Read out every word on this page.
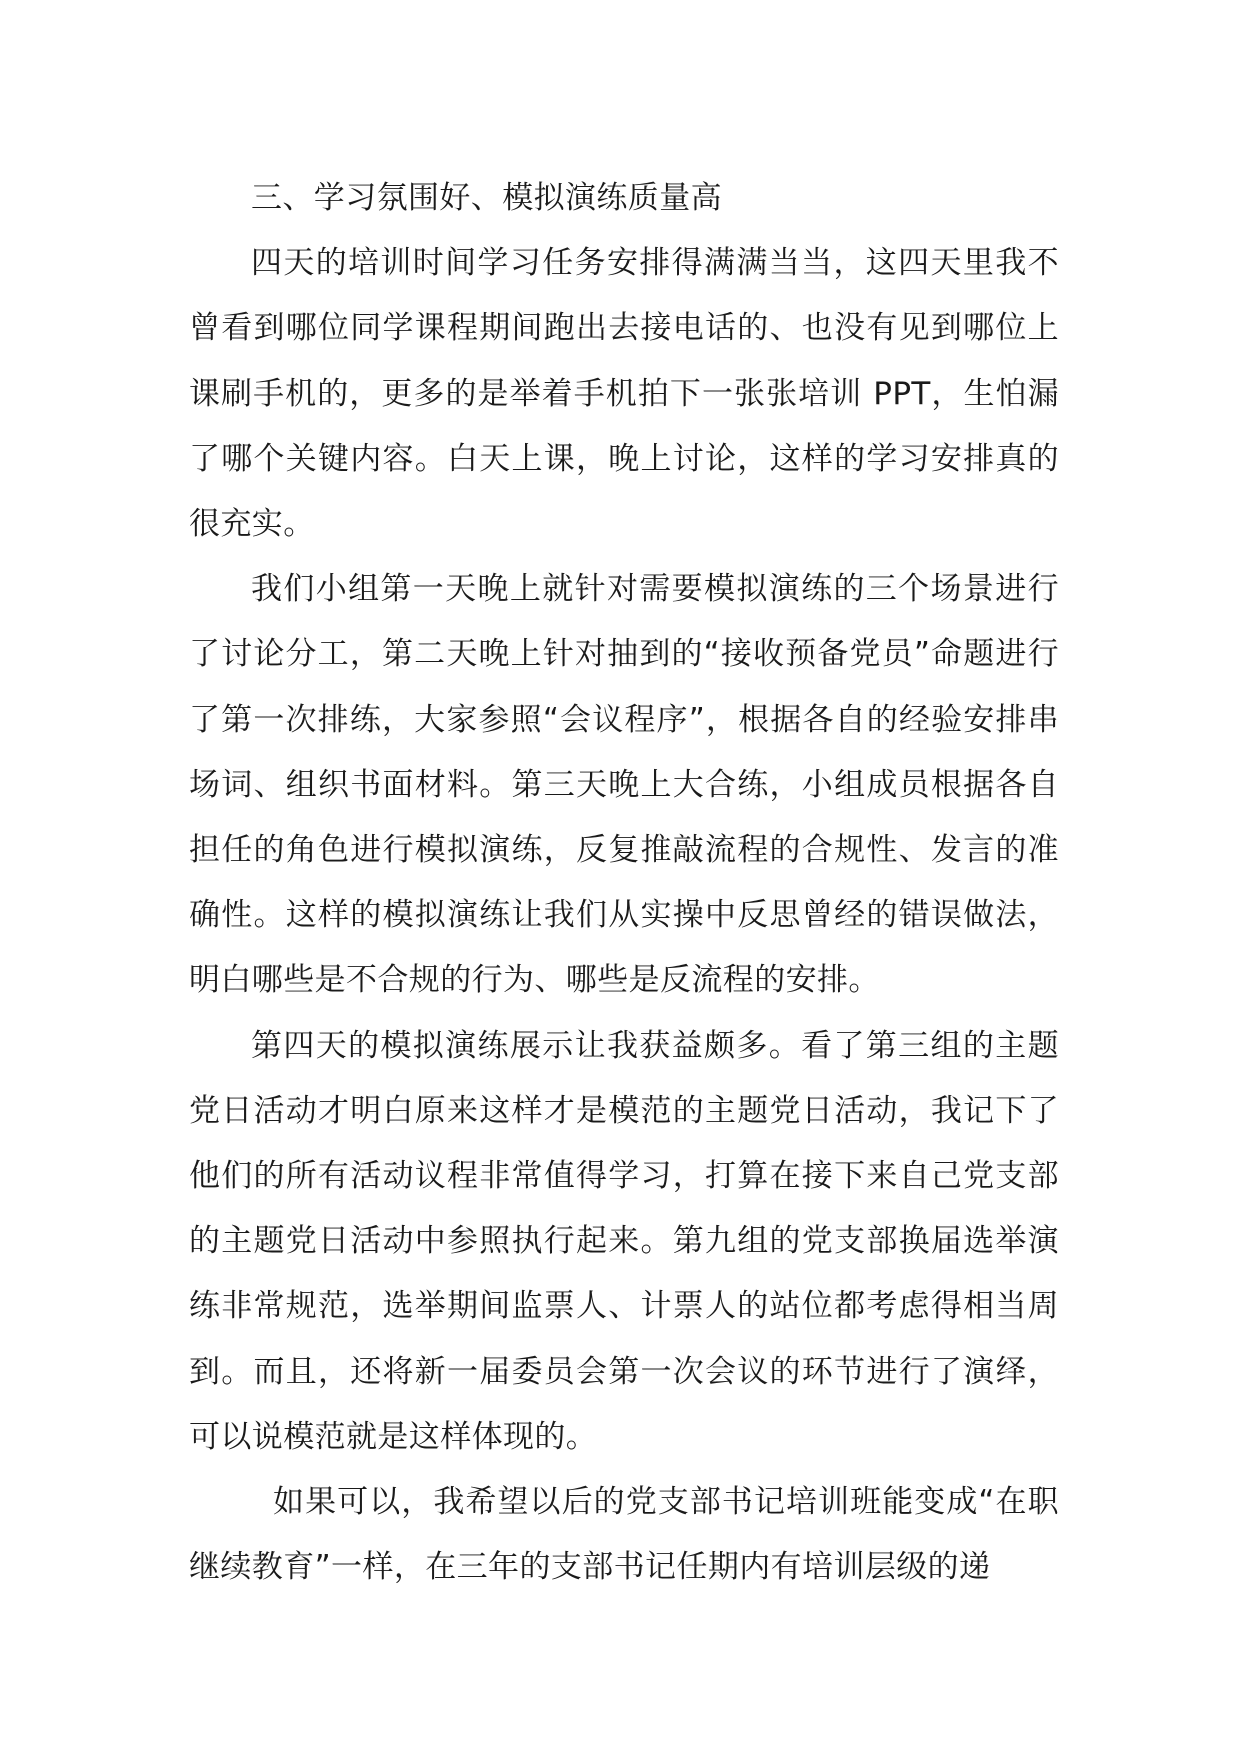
三、学习氛围好、模拟演练质量高

四天的培训时间学习任务安排得满满当当，这四天里我不曾看到哪位同学课程期间跑出去接电话的、也没有见到哪位上课刷手机的，更多的是举着手机拍下一张张培训 PPT，生怕漏了哪个关键内容。白天上课，晚上讨论，这样的学习安排真的很充实。

我们小组第一天晚上就针对需要模拟演练的三个场景进行了讨论分工，第二天晚上针对抽到的“接收预备党员”命题进行了第一次排练，大家参照“会议程序”，根据各自的经验安排串场词、组织书面材料。第三天晚上大合练，小组成员根据各自担任的角色进行模拟演练，反复推敲流程的合规性、发言的准确性。这样的模拟演练让我们从实操中反思曾经的错误做法，明白哪些是不合规的行为、哪些是反流程的安排。

第四天的模拟演练展示让我获益颇多。看了第三组的主题党日活动才明白原来这样才是模范的主题党日活动，我记下了他们的所有活动议程非常值得学习，打算在接下来自己党支部的主题党日活动中参照执行起来。第九组的党支部换届选举演练非常规范，选举期间监票人、计票人的站位都考虑得相当周到。而且，还将新一届委员会第一次会议的环节进行了演绎，可以说模范就是这样体现的。

如果可以，我希望以后的党支部书记培训班能变成“在职继续教育”一样，在三年的支部书记任期内有培训层级的递
